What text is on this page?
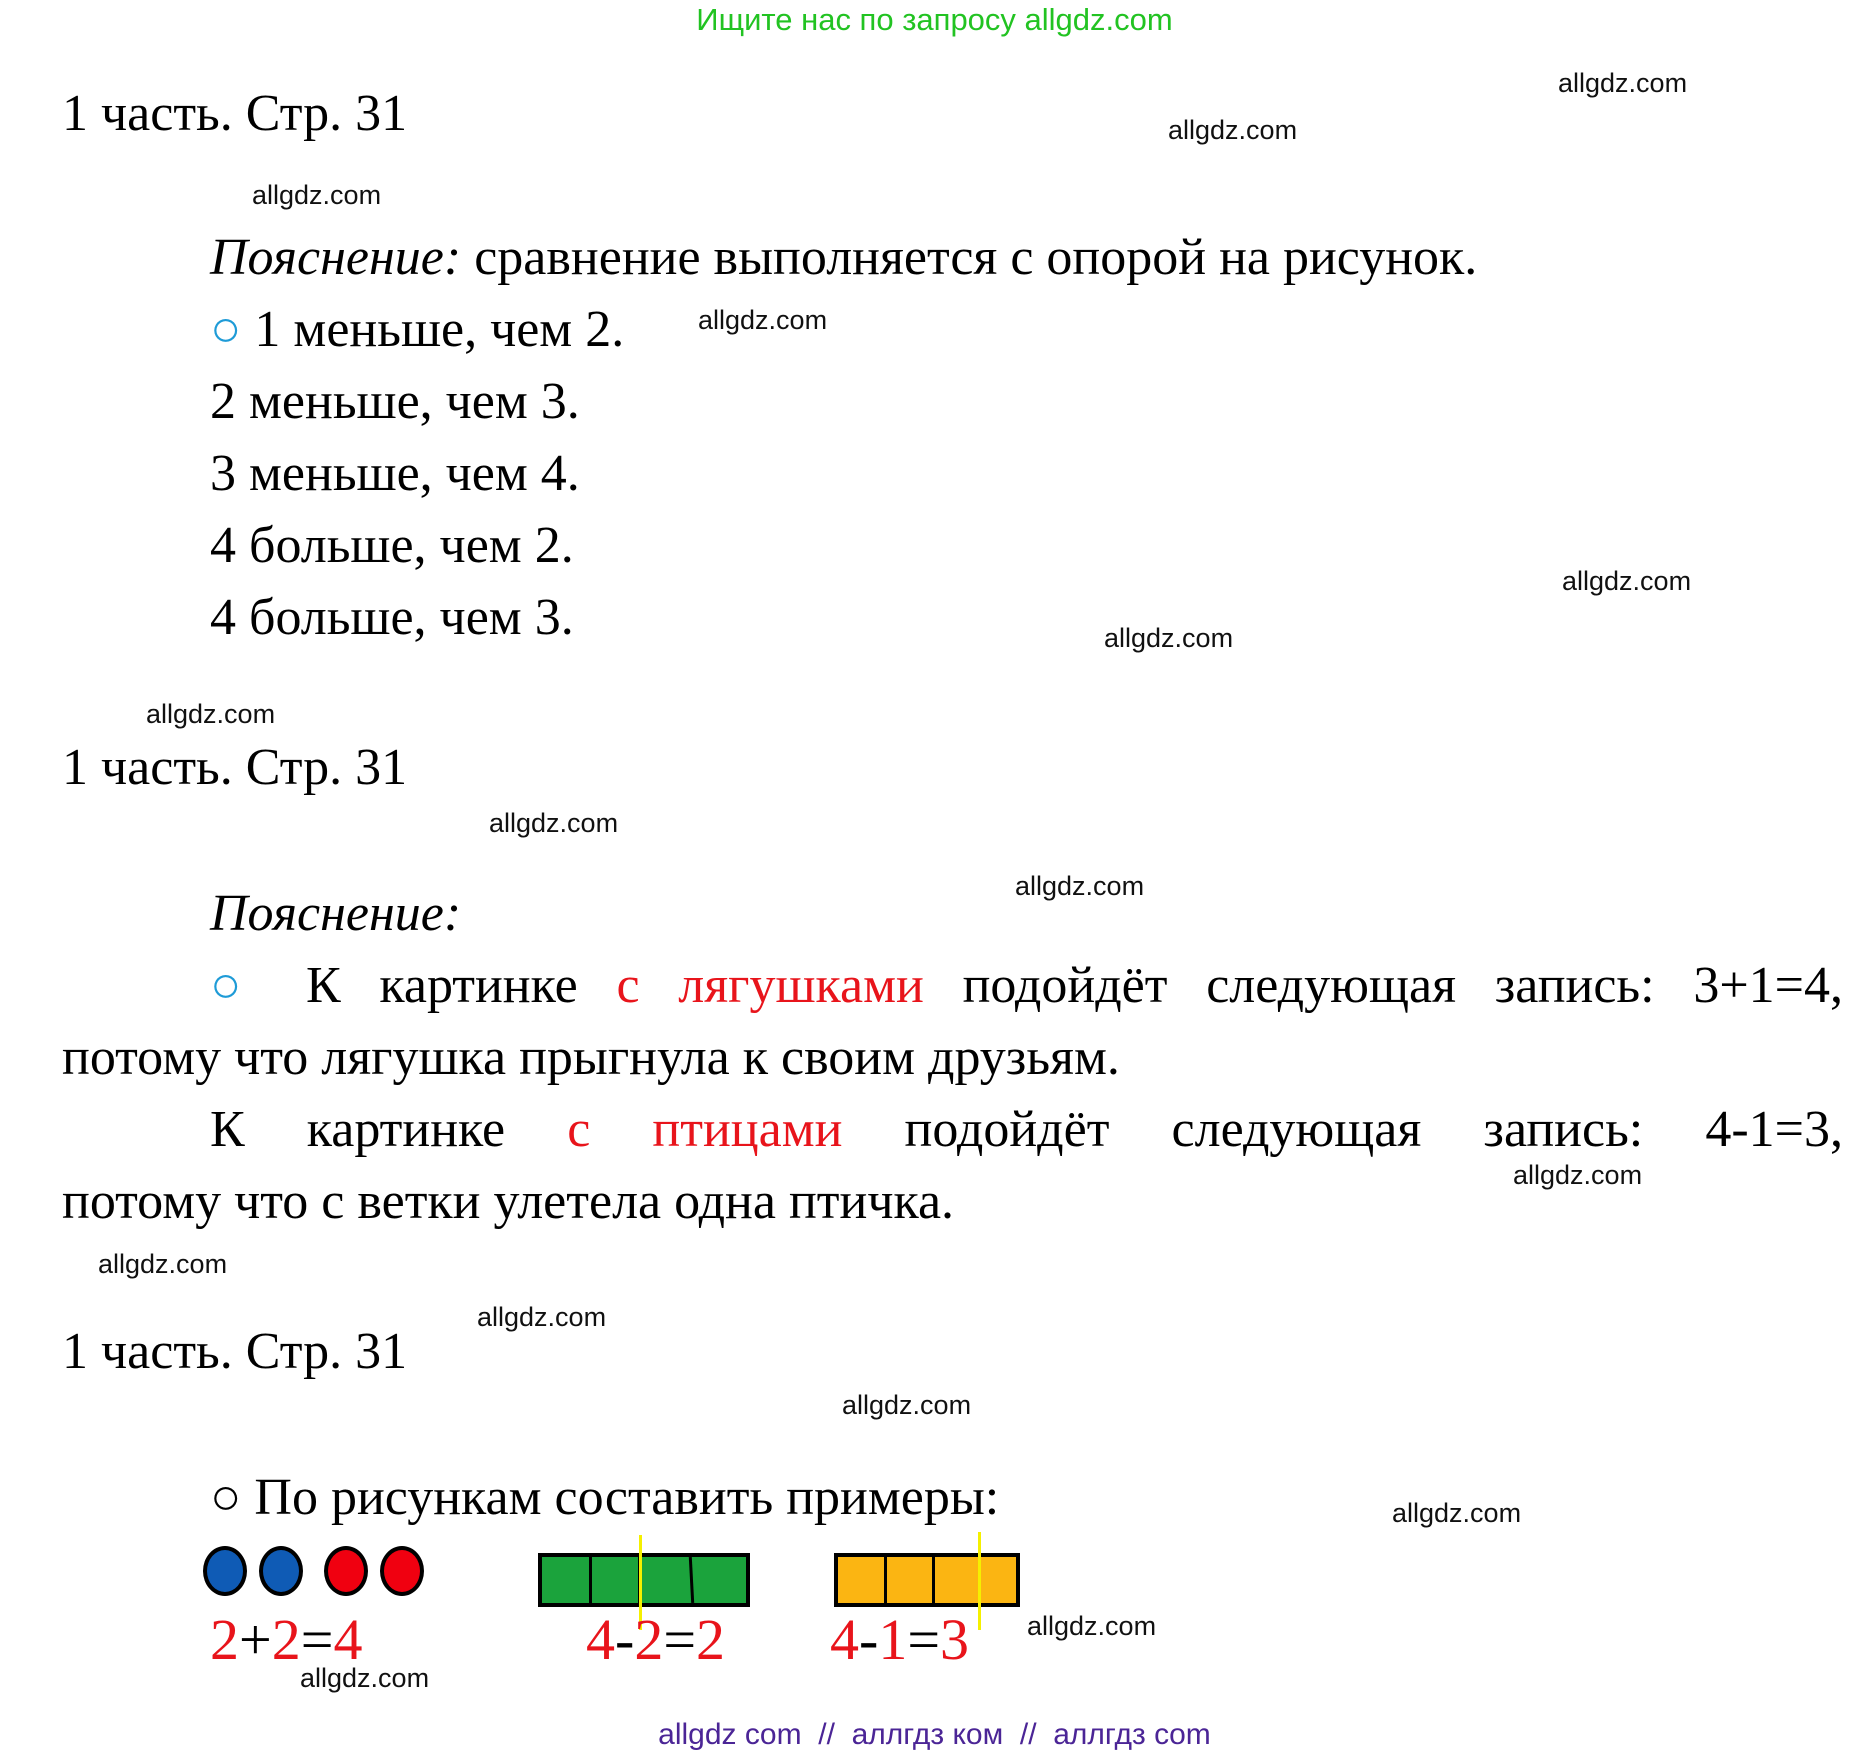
Ищите нас по запросу allgdz.com
1 часть. Стр. 31
Пояснение: сравнение выполняется с опорой на рисунок.
○ 1 меньше, чем 2.
2 меньше, чем 3.
3 меньше, чем 4.
4 больше, чем 2.
4 больше, чем 3.
1 часть. Стр. 31
Пояснение:
○ К картинке с лягушками подойдёт следующая запись: 3+1=4,
потому что лягушка прыгнула к своим друзьям.
К картинке с птицами подойдёт следующая запись: 4-1=3,
потому что с ветки улетела одна птичка.
1 часть. Стр. 31
○ По рисункам составить примеры:
2+2=4	4-2=2 4-1=3
allgdz.com
allgdz.com
allgdz.com
allgdz.com
allgdz.com
allgdz.com
allgdz.com
allgdz.com
allgdz.com
allgdz.com
allgdz.com
allgdz.com
allgdz.com
allgdz.com
allgdz.com
allgdz.com
allgdz com  //  аллгдз ком  //  аллгдз com
